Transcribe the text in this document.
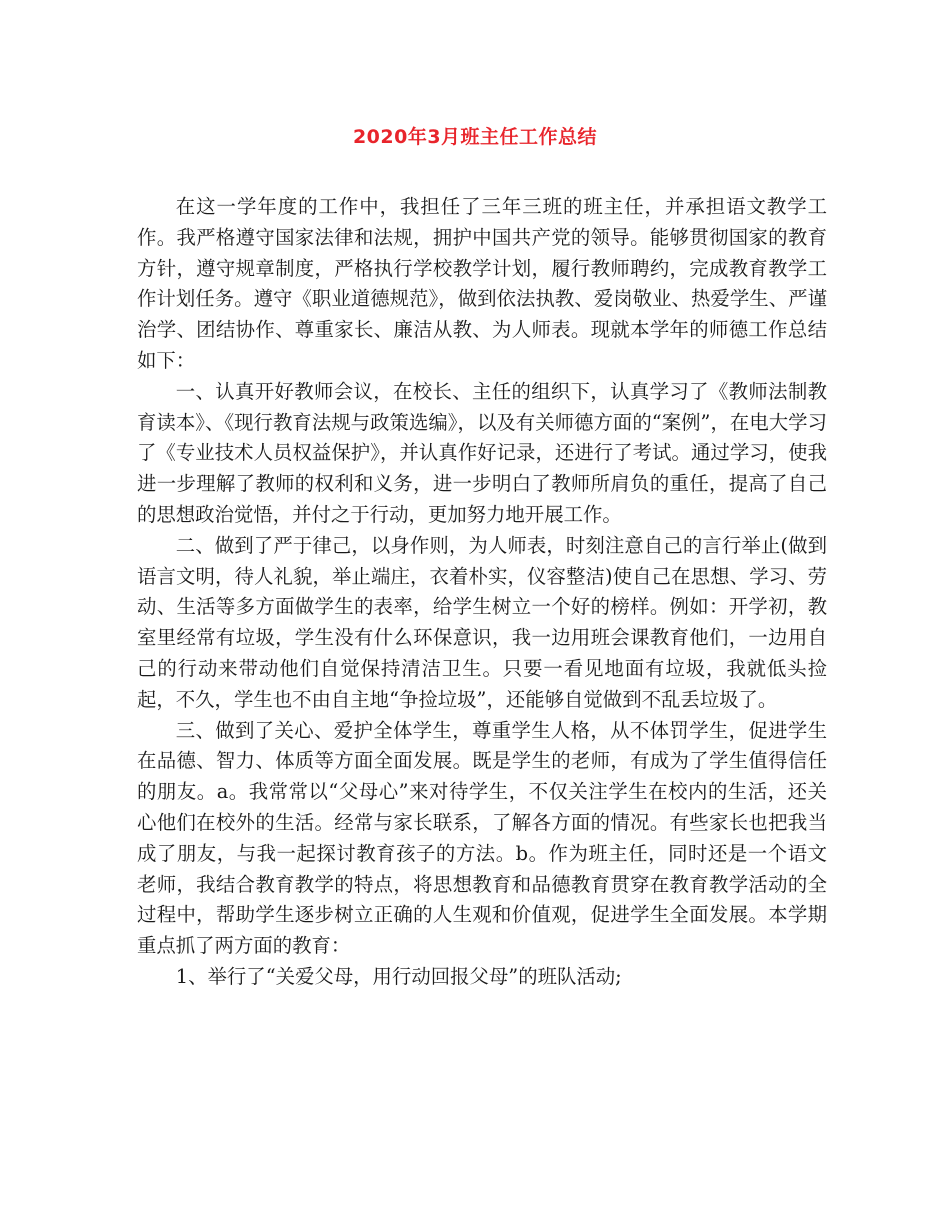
2020年3月班主任工作总结

在这一学年度的工作中，我担任了三年三班的班主任，并承担语文教学工作。我严格遵守国家法律和法规，拥护中国共产党的领导。能够贯彻国家的教育方针，遵守规章制度，严格执行学校教学计划，履行教师聘约，完成教育教学工作计划任务。遵守《职业道德规范》，做到依法执教、爱岗敬业、热爱学生、严谨治学、团结协作、尊重家长、廉洁从教、为人师表。现就本学年的师德工作总结如下：

一、认真开好教师会议，在校长、主任的组织下，认真学习了《教师法制教育读本》、《现行教育法规与政策选编》，以及有关师德方面的“案例”，在电大学习了《专业技术人员权益保护》，并认真作好记录，还进行了考试。通过学习，使我进一步理解了教师的权利和义务，进一步明白了教师所肩负的重任，提高了自己的思想政治觉悟，并付之于行动，更加努力地开展工作。

二、做到了严于律己，以身作则，为人师表，时刻注意自己的言行举止(做到语言文明，待人礼貌，举止端庄，衣着朴实，仪容整洁)使自己在思想、学习、劳动、生活等多方面做学生的表率，给学生树立一个好的榜样。例如：开学初，教室里经常有垃圾，学生没有什么环保意识，我一边用班会课教育他们，一边用自己的行动来带动他们自觉保持清洁卫生。只要一看见地面有垃圾，我就低头捡起，不久，学生也不由自主地“争捡垃圾”，还能够自觉做到不乱丢垃圾了。

三、做到了关心、爱护全体学生，尊重学生人格，从不体罚学生，促进学生在品德、智力、体质等方面全面发展。既是学生的老师，有成为了学生值得信任的朋友。a。我常常以“父母心”来对待学生，不仅关注学生在校内的生活，还关心他们在校外的生活。经常与家长联系，了解各方面的情况。有些家长也把我当成了朋友，与我一起探讨教育孩子的方法。b。作为班主任，同时还是一个语文老师，我结合教育教学的特点，将思想教育和品德教育贯穿在教育教学活动的全过程中，帮助学生逐步树立正确的人生观和价值观，促进学生全面发展。本学期重点抓了两方面的教育：

1、举行了“关爱父母，用行动回报父母”的班队活动;
